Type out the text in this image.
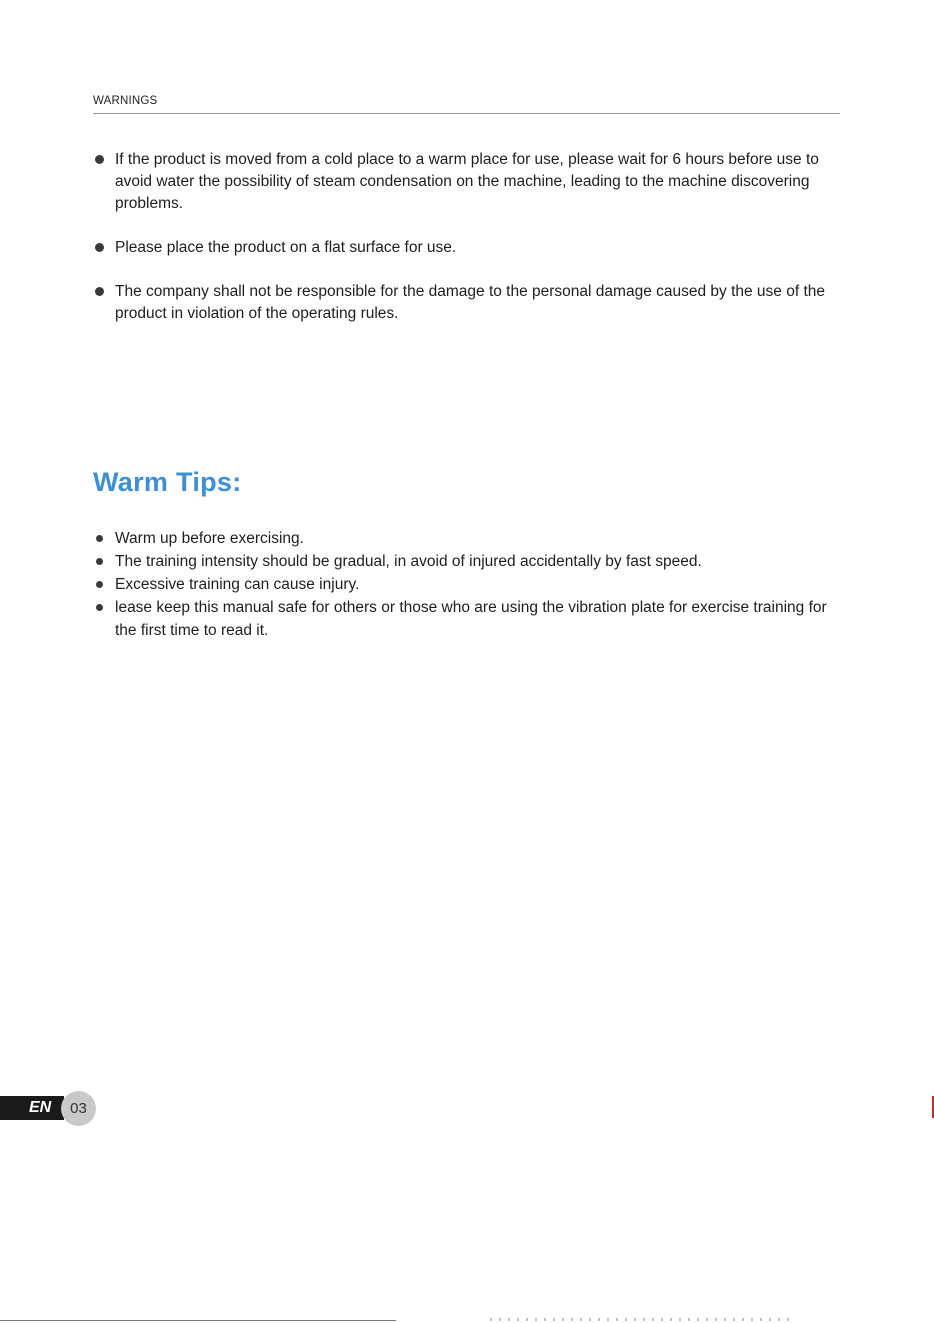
WARNINGS
If the product is moved from a cold place to a warm place for use, please wait for 6 hours before use to avoid water the possibility of steam condensation on the machine, leading to the machine discovering problems.
Please place the product on a flat surface for use.
The company shall not be responsible for the damage to the personal damage caused by the use of the product in violation of the operating rules.
Warm Tips:
Warm up before exercising.
The training intensity should be gradual, in avoid of injured accidentally by fast speed.
Excessive training can cause injury.
lease keep this manual safe for others or those who are using the vibration plate for exercise training for the first time to read it.
EN	03
